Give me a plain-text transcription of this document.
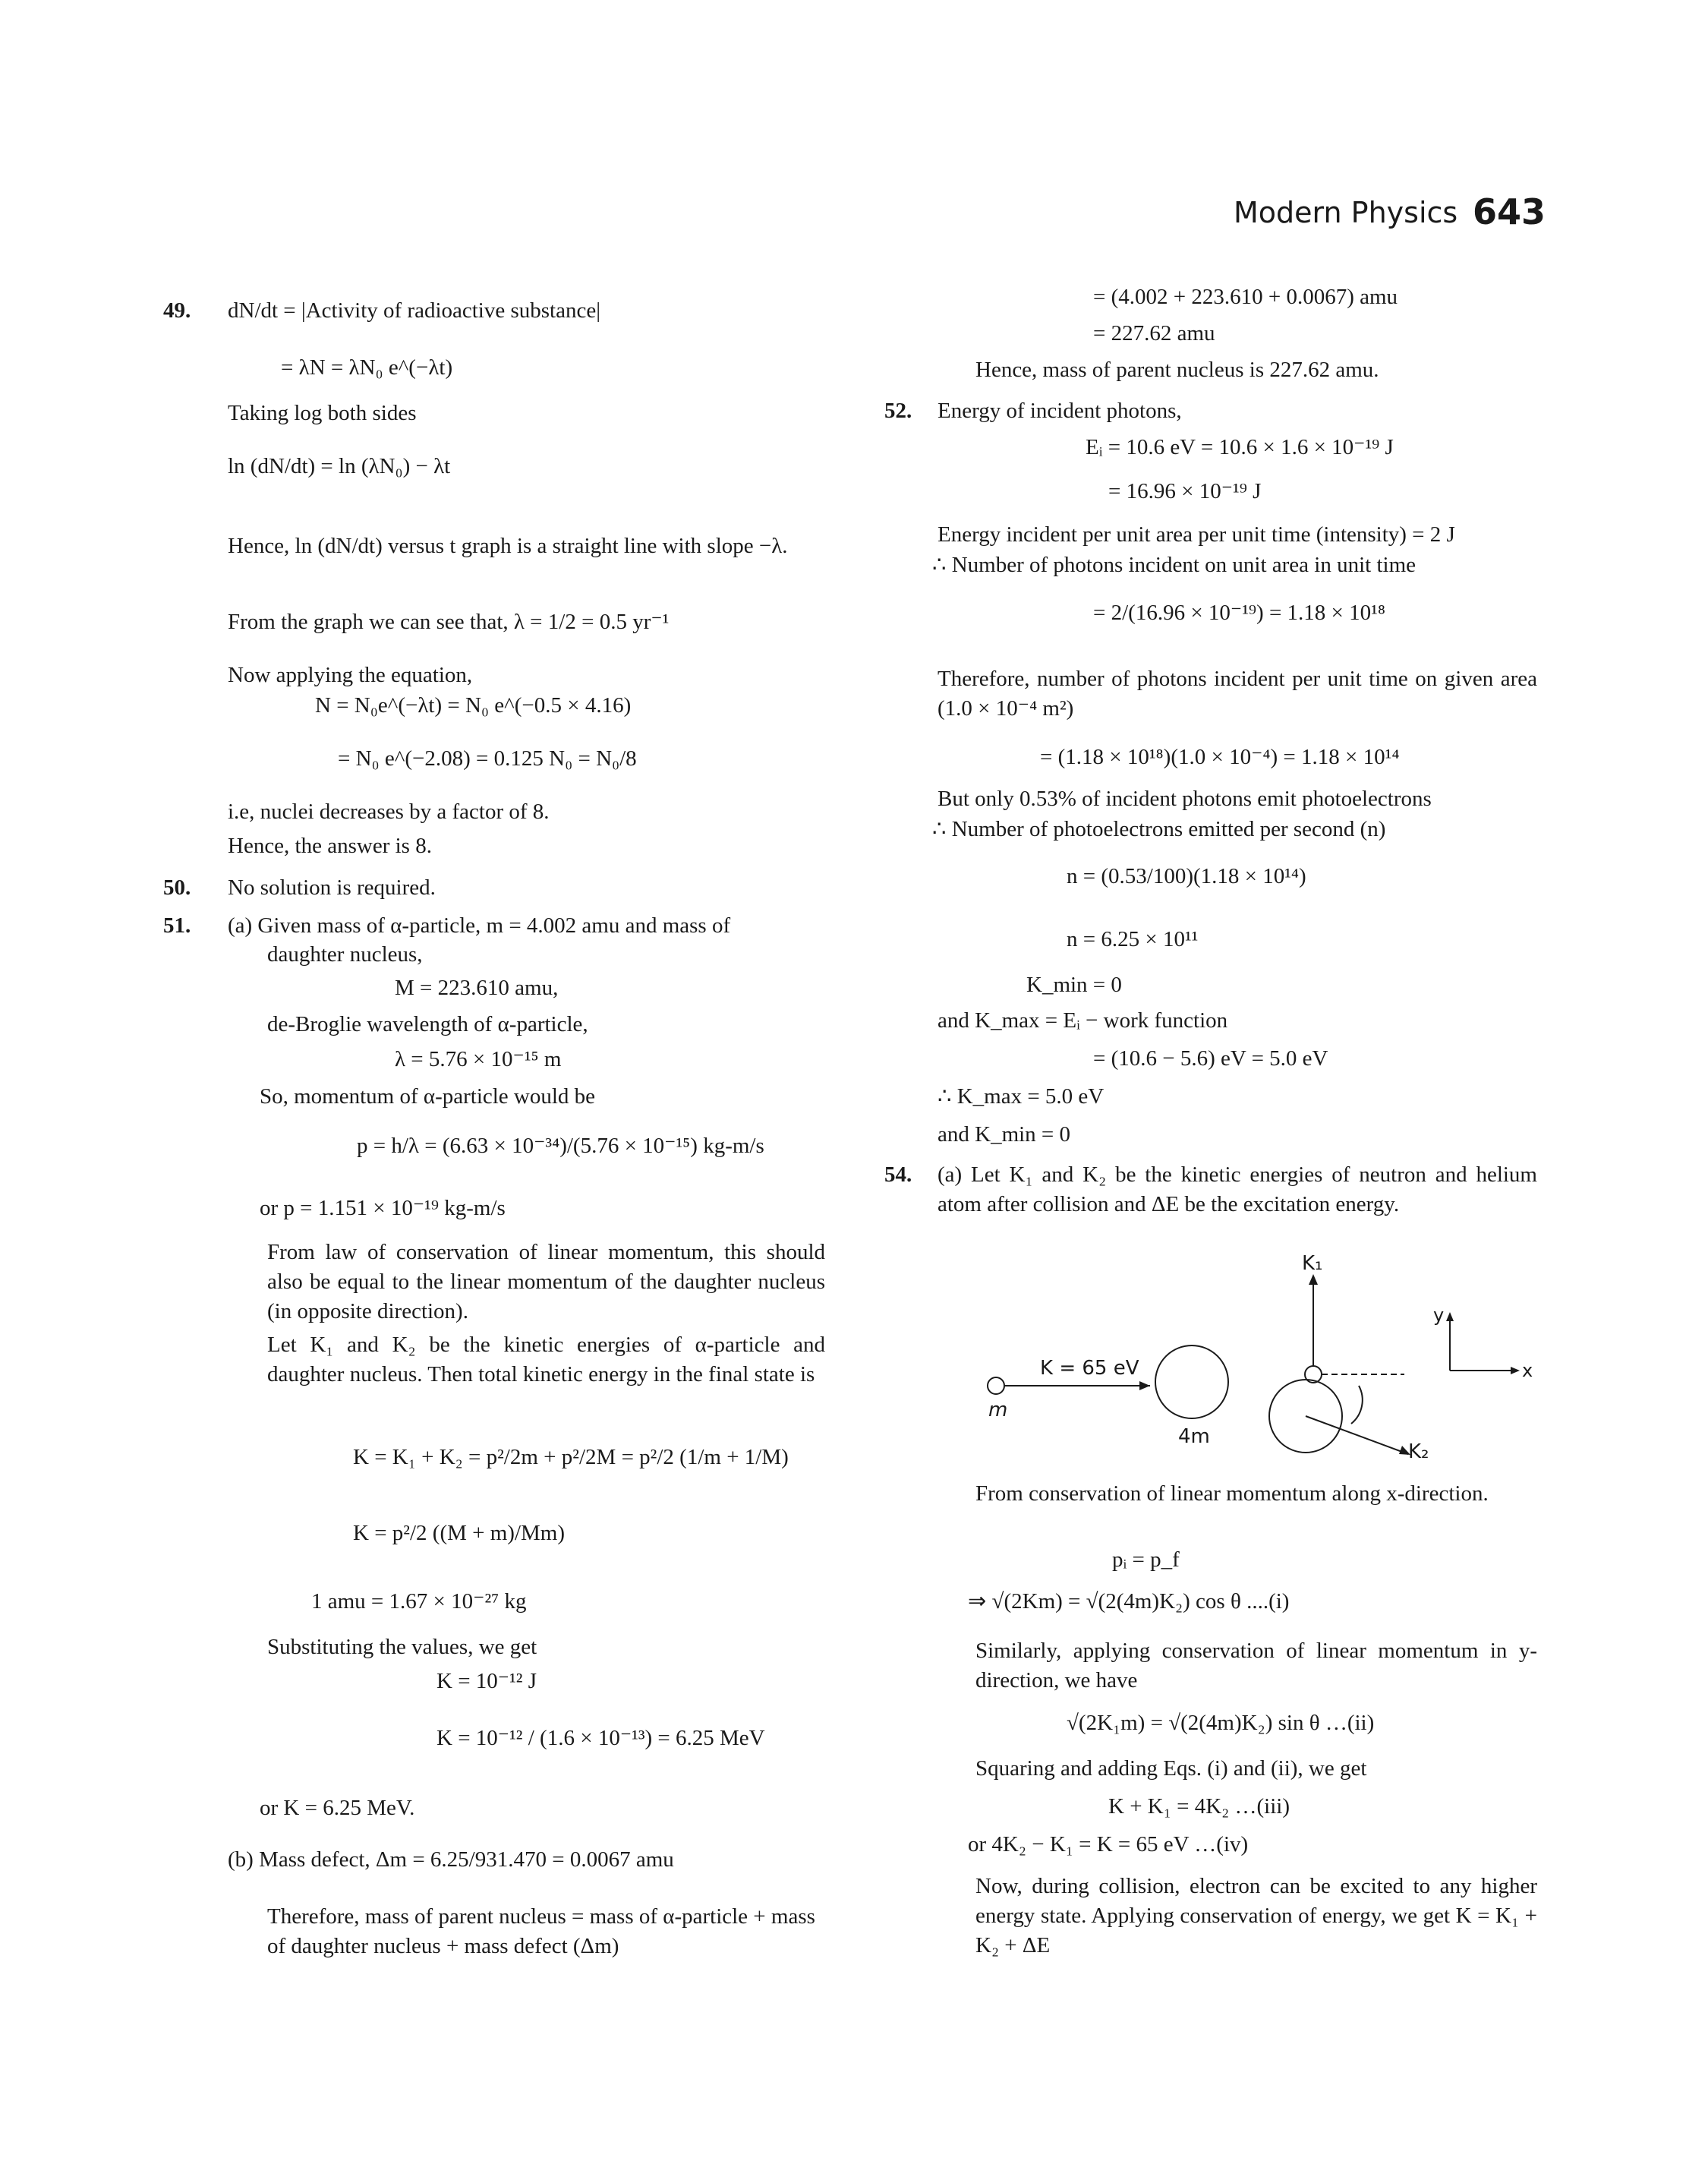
Modern Physics 643
49. dN/dt = |Activity of radioactive substance|
= λN = λN₀ e^(−λt)
Taking log both sides
ln (dN/dt) = ln (λN₀) − λt
Hence, ln (dN/dt) versus t graph is a straight line with slope −λ.
From the graph we can see that, λ = 1/2 = 0.5 yr⁻¹
Now applying the equation,
N = N₀e^(−λt) = N₀ e^(−0.5 × 4.16)
= N₀ e^(−2.08) = 0.125 N₀ = N₀/8
i.e, nuclei decreases by a factor of 8.
Hence, the answer is 8.
50. No solution is required.
51. (a) Given mass of α-particle, m = 4.002 amu and mass of
daughter nucleus,
M = 223.610 amu,
de-Broglie wavelength of α-particle,
λ = 5.76 × 10⁻¹⁵ m
So, momentum of α-particle would be
p = h/λ = (6.63 × 10⁻³⁴)/(5.76 × 10⁻¹⁵) kg-m/s
or p = 1.151 × 10⁻¹⁹ kg-m/s
From law of conservation of linear momentum, this should also be equal to the linear momentum of the daughter nucleus (in opposite direction).
Let K₁ and K₂ be the kinetic energies of α-particle and daughter nucleus. Then total kinetic energy in the final state is
K = K₁ + K₂ = p²/2m + p²/2M = p²/2 (1/m + 1/M)
K = p²/2 ((M + m)/Mm)
1 amu = 1.67 × 10⁻²⁷ kg
Substituting the values, we get
K = 10⁻¹² J
K = 10⁻¹² / (1.6 × 10⁻¹³) = 6.25 MeV
or K = 6.25 MeV.
(b) Mass defect, Δm = 6.25/931.470 = 0.0067 amu
Therefore, mass of parent nucleus = mass of α-particle + mass of daughter nucleus + mass defect (Δm)
= (4.002 + 223.610 + 0.0067) amu
= 227.62 amu
Hence, mass of parent nucleus is 227.62 amu.
52. Energy of incident photons,
Eᵢ = 10.6 eV = 10.6 × 1.6 × 10⁻¹⁹ J
= 16.96 × 10⁻¹⁹ J
Energy incident per unit area per unit time (intensity) = 2 J
∴ Number of photons incident on unit area in unit time
= 2/(16.96 × 10⁻¹⁹) = 1.18 × 10¹⁸
Therefore, number of photons incident per unit time on given area (1.0 × 10⁻⁴ m²)
= (1.18 × 10¹⁸)(1.0 × 10⁻⁴) = 1.18 × 10¹⁴
But only 0.53% of incident photons emit photoelectrons
∴ Number of photoelectrons emitted per second (n)
n = (0.53/100)(1.18 × 10¹⁴)
n = 6.25 × 10¹¹
K_min = 0
and K_max = Eᵢ − work function
= (10.6 − 5.6) eV = 5.0 eV
∴ K_max = 5.0 eV
and K_min = 0
54. (a) Let K₁ and K₂ be the kinetic energies of neutron and helium atom after collision and ΔE be the excitation energy.
K = 65 eV
m
4m
K₁
K₂
y
x
From conservation of linear momentum along x-direction.
pᵢ = p_f
⇒ √(2Km) = √(2(4m)K₂) cos θ ....(i)
Similarly, applying conservation of linear momentum in y-direction, we have
√(2K₁m) = √(2(4m)K₂) sin θ …(ii)
Squaring and adding Eqs. (i) and (ii), we get
K + K₁ = 4K₂ …(iii)
or 4K₂ − K₁ = K = 65 eV …(iv)
Now, during collision, electron can be excited to any higher energy state. Applying conservation of energy, we get K = K₁ + K₂ + ΔE
